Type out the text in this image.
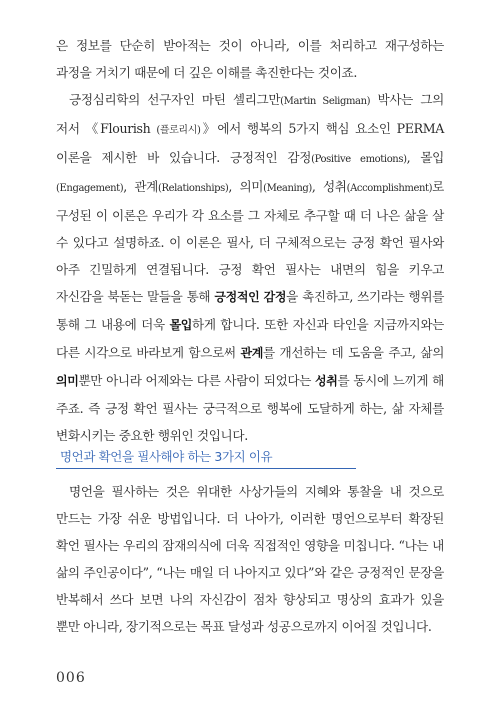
은 정보를 단순히 받아적는 것이 아니라, 이를 처리하고 재구성하는 과정을 거치기 때문에 더 깊은 이해를 촉진한다는 것이죠.

긍정심리학의 선구자인 마틴 셀리그만(Martin Seligman) 박사는 그의 저서 《Flourish (플로리시)》에서 행복의 5가지 핵심 요소인 PERMA 이론을 제시한 바 있습니다. 긍정적인 감정(Positive emotions), 몰입(Engagement), 관계(Relationships), 의미(Meaning), 성취(Accomplishment)로 구성된 이 이론은 우리가 각 요소를 그 자체로 추구할 때 더 나은 삶을 살 수 있다고 설명하죠. 이 이론은 필사, 더 구체적으로는 긍정 확언 필사와 아주 긴밀하게 연결됩니다. 긍정 확언 필사는 내면의 힘을 키우고 자신감을 북돋는 말들을 통해 긍정적인 감정을 촉진하고, 쓰기라는 행위를 통해 그 내용에 더욱 몰입하게 합니다. 또한 자신과 타인을 지금까지와는 다른 시각으로 바라보게 함으로써 관계를 개선하는 데 도움을 주고, 삶의 의미뿐만 아니라 어제와는 다른 사람이 되었다는 성취를 동시에 느끼게 해 주죠. 즉 긍정 확언 필사는 궁극적으로 행복에 도달하게 하는, 삶 자체를 변화시키는 중요한 행위인 것입니다.

명언과 확언을 필사해야 하는 3가지 이유

명언을 필사하는 것은 위대한 사상가들의 지혜와 통찰을 내 것으로 만드는 가장 쉬운 방법입니다. 더 나아가, 이러한 명언으로부터 확장된 확언 필사는 우리의 잠재의식에 더욱 직접적인 영향을 미칩니다. “나는 내 삶의 주인공이다”, “나는 매일 더 나아지고 있다”와 같은 긍정적인 문장을 반복해서 쓰다 보면 나의 자신감이 점차 향상되고 명상의 효과가 있을 뿐만 아니라, 장기적으로는 목표 달성과 성공으로까지 이어질 것입니다.

006
